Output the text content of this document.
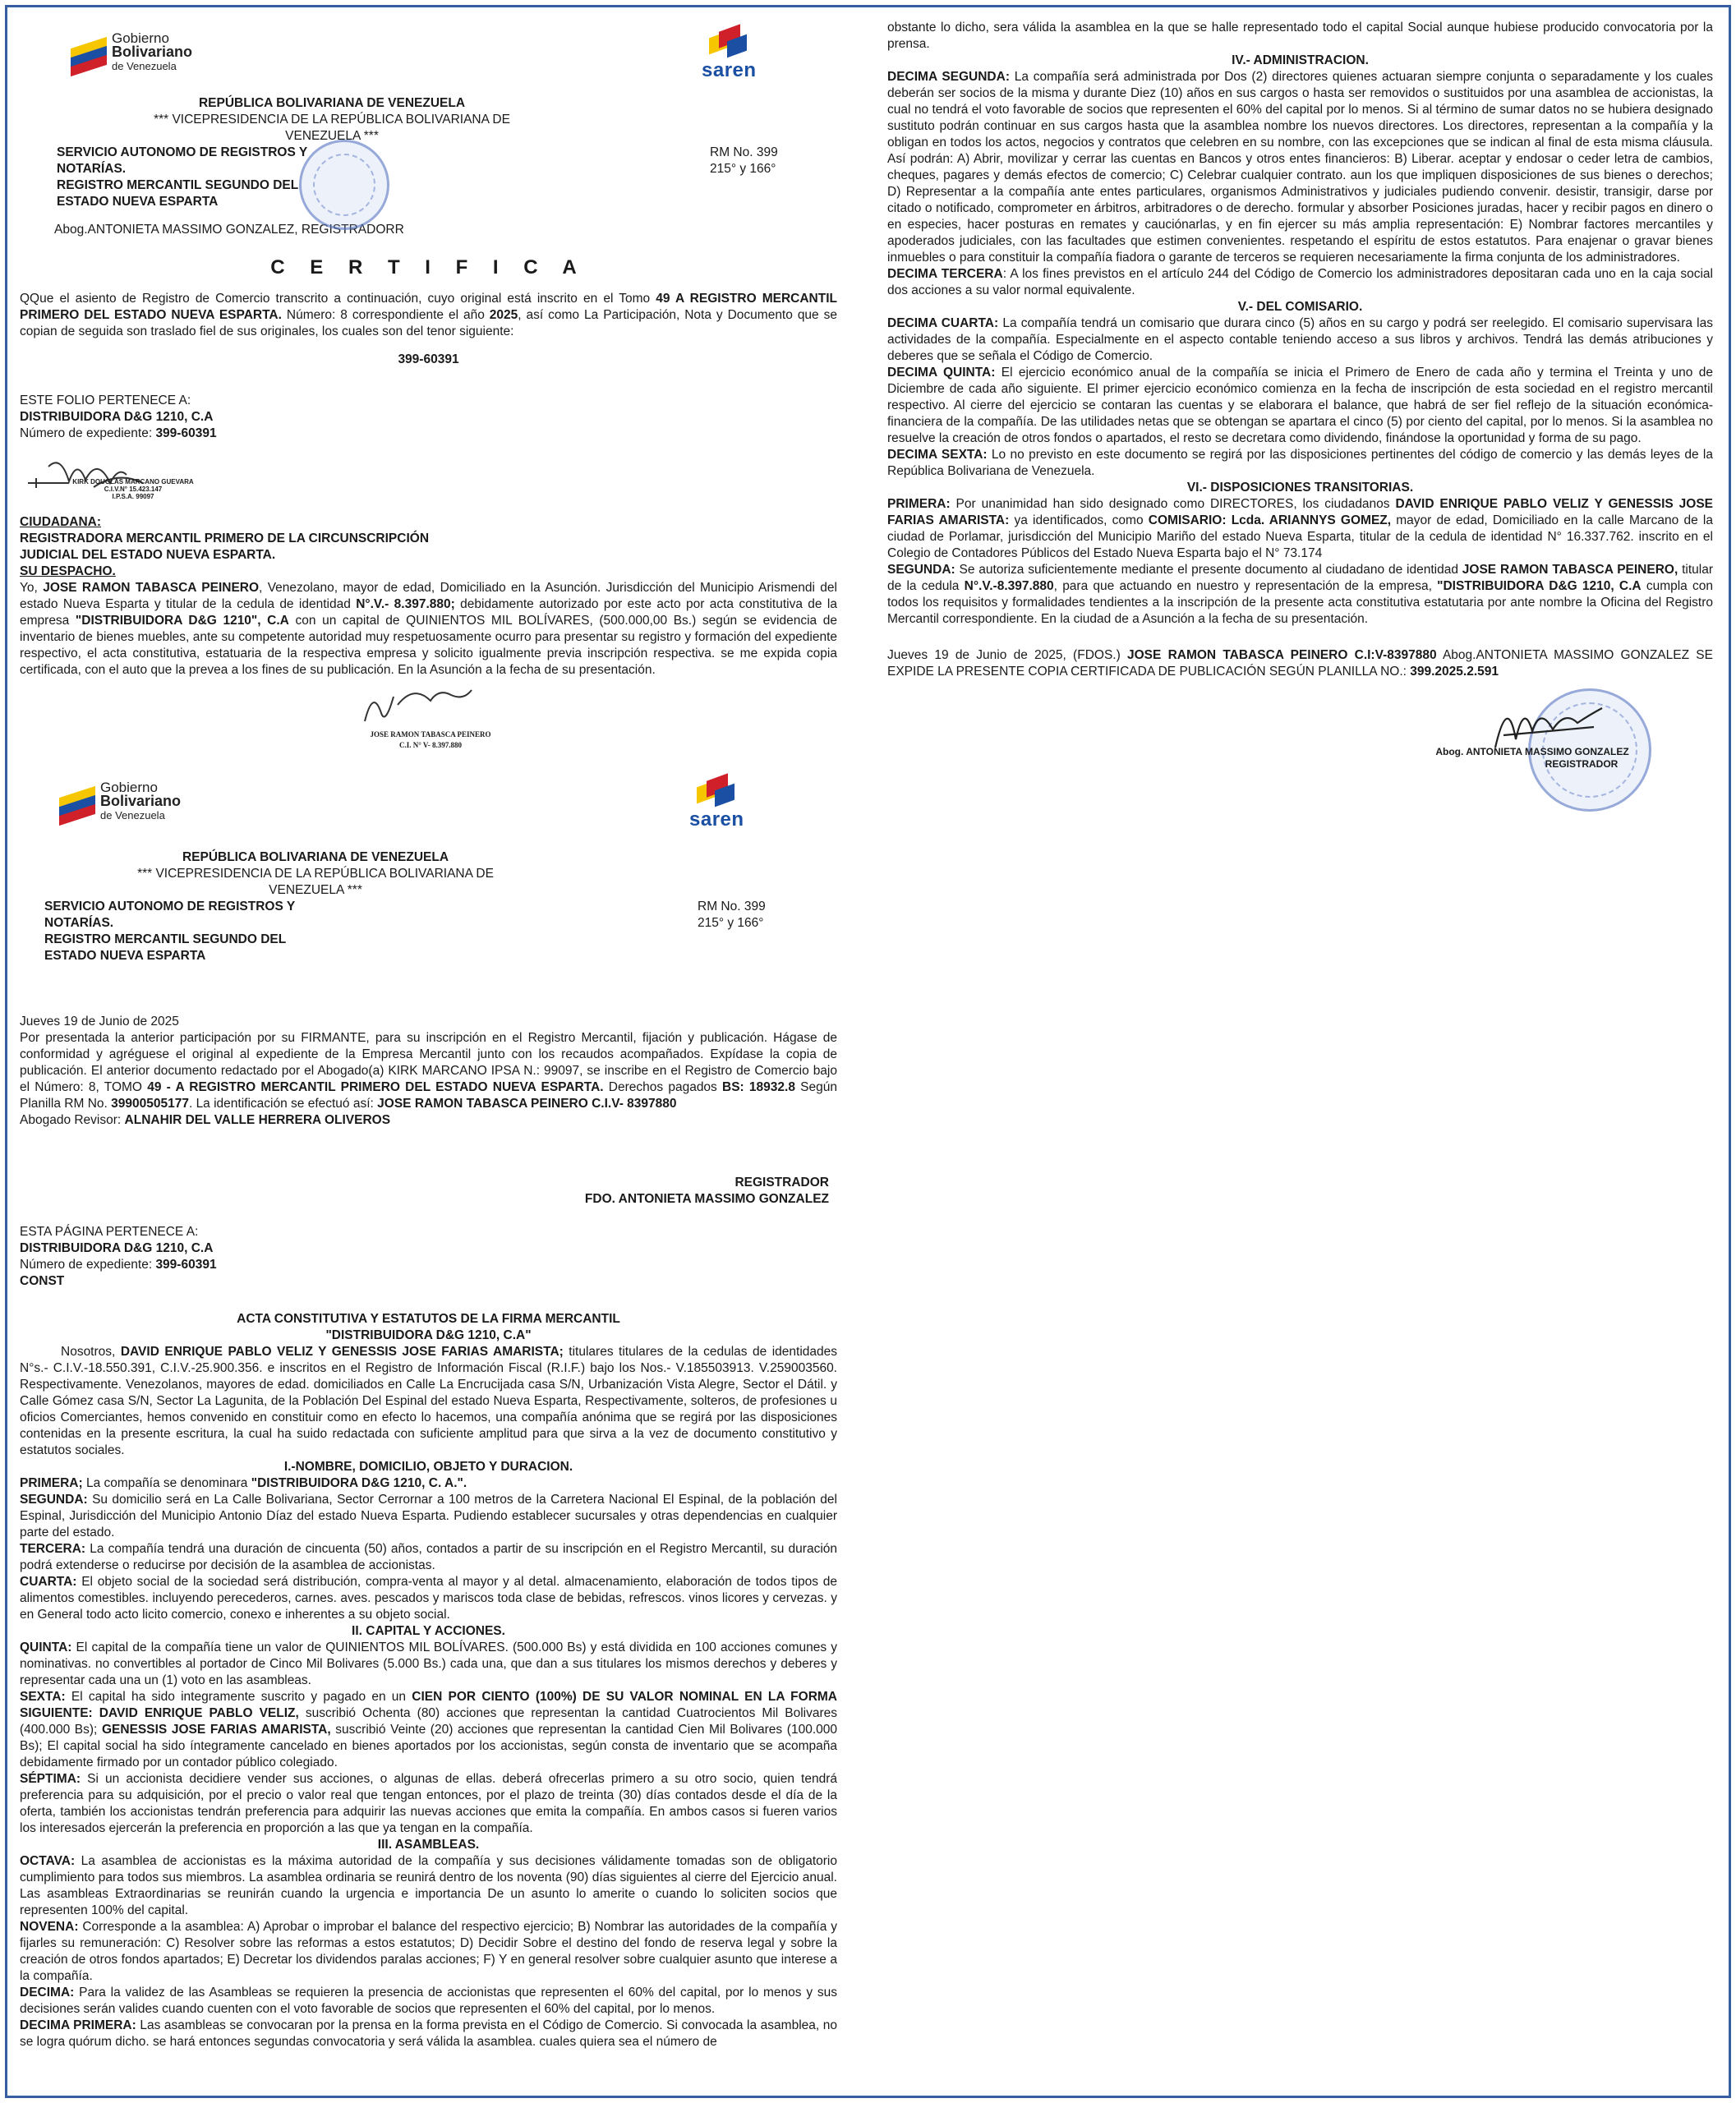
Gobierno
Bolivariano
de Venezuela	saren
REPÚBLICA BOLIVARIANA DE VENEZUELA
*** VICEPRESIDENCIA DE LA REPÚBLICA BOLIVARIANA DE VENEZUELA ***
SERVICIO AUTONOMO DE REGISTROS Y
NOTARÍAS.
REGISTRO MERCANTIL SEGUNDO DEL
ESTADO NUEVA ESPARTA
RM No. 399
215° y 166°
Abog.ANTONIETA MASSIMO GONZALEZ, REGISTRADORR
C E R T I F I C A

QQue el asiento de Registro de Comercio transcrito a continuación, cuyo original está inscrito en el Tomo 49 A REGISTRO MERCANTIL PRIMERO DEL ESTADO NUEVA ESPARTA. Número: 8 correspondiente el año 2025, así como La Participación, Nota y Documento que se copian de seguida son traslado fiel de sus originales, los cuales son del tenor siguiente:

399-60391
ESTE FOLIO PERTENECE A:
DISTRIBUIDORA D&G 1210, C.A
Número de expediente: 399-60391
KIRK DOUGLAS MARCANO GUEVARA
C.I.V.N° 15.423.147
I.P.S.A. 99097
CIUDADANA:
REGISTRADORA MERCANTIL PRIMERO DE LA CIRCUNSCRIPCIÓN
JUDICIAL DEL ESTADO NUEVA ESPARTA.
SU DESPACHO.

Yo, JOSE RAMON TABASCA PEINERO, Venezolano, mayor de edad, Domiciliado en la Asunción. Jurisdicción del Municipio Arismendi del estado Nueva Esparta y titular de la cedula de identidad N°.V.- 8.397.880; debidamente autorizado por este acto por acta constitutiva de la empresa "DISTRIBUIDORA D&G 1210", C.A con un capital de QUINIENTOS MIL BOLÍVARES, (500.000,00 Bs.) según se evidencia de inventario de bienes muebles, ante su competente autoridad muy respetuosamente ocurro para presentar su registro y formación del expediente respectivo, el acta constitutiva, estatuaria de la respectiva empresa y solicito igualmente previa inscripción respectiva. se me expida copia certificada, con el auto que la prevea a los fines de su publicación. En la Asunción a la fecha de su presentación.

JOSE RAMON TABASCA PEINERO
C.I. N° V- 8.397.880
Gobierno
Bolivariano
de Venezuela	saren
REPÚBLICA BOLIVARIANA DE VENEZUELA
*** VICEPRESIDENCIA DE LA REPÚBLICA BOLIVARIANA DE VENEZUELA ***
SERVICIO AUTONOMO DE REGISTROS Y
NOTARÍAS.
REGISTRO MERCANTIL SEGUNDO DEL
ESTADO NUEVA ESPARTA
RM No. 399
215° y 166°
Jueves 19 de Junio de 2025

Por presentada la anterior participación por su FIRMANTE, para su inscripción en el Registro Mercantil, fijación y publicación. Hágase de conformidad y agréguese el original al expediente de la Empresa Mercantil junto con los recaudos acompañados. Expídase la copia de publicación. El anterior documento redactado por el Abogado(a) KIRK MARCANO IPSA N.: 99097, se inscribe en el Registro de Comercio bajo el Número: 8, TOMO 49 - A REGISTRO MERCANTIL PRIMERO DEL ESTADO NUEVA ESPARTA. Derechos pagados BS: 18932.8 Según Planilla RM No. 39900505177. La identificación se efectuó así: JOSE RAMON TABASCA PEINERO C.I.V- 8397880

Abogado Revisor: ALNAHIR DEL VALLE HERRERA OLIVEROS
REGISTRADOR
FDO. ANTONIETA MASSIMO GONZALEZ
ESTA PÁGINA PERTENECE A:
DISTRIBUIDORA D&G 1210, C.A
Número de expediente: 399-60391
CONST
ACTA CONSTITUTIVA Y ESTATUTOS DE LA FIRMA MERCANTIL
"DISTRIBUIDORA D&G 1210, C.A"

Nosotros, DAVID ENRIQUE PABLO VELIZ Y GENESSIS JOSE FARIAS AMARISTA; titulares titulares de la cedulas de identidades N°s.- C.I.V.-18.550.391, C.I.V.-25.900.356. e inscritos en el Registro de Información Fiscal (R.I.F.) bajo los Nos.- V.185503913. V.259003560. Respectivamente. Venezolanos, mayores de edad. domiciliados en Calle La Encrucijada casa S/N, Urbanización Vista Alegre, Sector el Dátil. y Calle Gómez casa S/N, Sector La Lagunita, de la Población Del Espinal del estado Nueva Esparta, Respectivamente, solteros, de profesiones u oficios Comerciantes, hemos convenido en constituir como en efecto lo hacemos, una compañía anónima que se regirá por las disposiciones contenidas en la presente escritura, la cual ha suido redactada con suficiente amplitud para que sirva a la vez de documento constitutivo y estatutos sociales.

I.-NOMBRE, DOMICILIO, OBJETO Y DURACION.

PRIMERA; La compañía se denominara "DISTRIBUIDORA D&G 1210, C. A.".

SEGUNDA: Su domicilio será en La Calle Bolivariana, Sector Cerrornar a 100 metros de la Carretera Nacional El Espinal, de la población del Espinal, Jurisdicción del Municipio Antonio Díaz del estado Nueva Esparta. Pudiendo establecer sucursales y otras dependencias en cualquier parte del estado.

TERCERA: La compañía tendrá una duración de cincuenta (50) años, contados a partir de su inscripción en el Registro Mercantil, su duración podrá extenderse o reducirse por decisión de la asamblea de accionistas.

CUARTA: El objeto social de la sociedad será distribución, compra-venta al mayor y al detal. almacenamiento, elaboración de todos tipos de alimentos comestibles. incluyendo perecederos, carnes. aves. pescados y mariscos toda clase de bebidas, refrescos. vinos licores y cervezas. y en General todo acto licito comercio, conexo e inherentes a su objeto social.

II. CAPITAL Y ACCIONES.

QUINTA: El capital de la compañía tiene un valor de QUINIENTOS MIL BOLÍVARES. (500.000 Bs) y está dividida en 100 acciones comunes y nominativas. no convertibles al portador de Cinco Mil Bolivares (5.000 Bs.) cada una, que dan a sus titulares los mismos derechos y deberes y representar cada una un (1) voto en las asambleas.

SEXTA: El capital ha sido integramente suscrito y pagado en un CIEN POR CIENTO (100%) DE SU VALOR NOMINAL EN LA FORMA SIGUIENTE: DAVID ENRIQUE PABLO VELIZ, suscribió Ochenta (80) acciones que representan la cantidad Cuatrocientos Mil Bolivares (400.000 Bs); GENESSIS JOSE FARIAS AMARISTA, suscribió Veinte (20) acciones que representan la cantidad Cien Mil Bolivares (100.000 Bs); El capital social ha sido íntegramente cancelado en bienes aportados por los accionistas, según consta de inventario que se acompaña debidamente firmado por un contador público colegiado.

SÉPTIMA: Si un accionista decidiere vender sus acciones, o algunas de ellas. deberá ofrecerlas primero a su otro socio, quien tendrá preferencia para su adquisición, por el precio o valor real que tengan entonces, por el plazo de treinta (30) días contados desde el día de la oferta, también los accionistas tendrán preferencia para adquirir las nuevas acciones que emita la compañía. En ambos casos si fueren varios los interesados ejercerán la preferencia en proporción a las que ya tengan en la compañía.

III. ASAMBLEAS.

OCTAVA: La asamblea de accionistas es la máxima autoridad de la compañía y sus decisiones válidamente tomadas son de obligatorio cumplimiento para todos sus miembros. La asamblea ordinaria se reunirá dentro de los noventa (90) días siguientes al cierre del Ejercicio anual. Las asambleas Extraordinarias se reunirán cuando la urgencia e importancia De un asunto lo amerite o cuando lo soliciten socios que representen 100% del capital.

NOVENA: Corresponde a la asamblea: A) Aprobar o improbar el balance del respectivo ejercicio; B) Nombrar las autoridades de la compañía y fijarles su remuneración: C) Resolver sobre las reformas a estos estatutos; D) Decidir Sobre el destino del fondo de reserva legal y sobre la creación de otros fondos apartados; E) Decretar los dividendos paralas acciones; F) Y en general resolver sobre cualquier asunto que interese a la compañía.

DECIMA: Para la validez de las Asambleas se requieren la presencia de accionistas que representen el 60% del capital, por lo menos y sus decisiones serán valides cuando cuenten con el voto favorable de socios que representen el 60% del capital, por lo menos.

DECIMA PRIMERA: Las asambleas se convocaran por la prensa en la forma prevista en el Código de Comercio. Si convocada la asamblea, no se logra quórum dicho. se hará entonces segundas convocatoria y será válida la asamblea. cuales quiera sea el número de

obstante lo dicho, sera válida la asamblea en la que se halle representado todo el capital Social aunque hubiese producido convocatoria por la prensa.

IV.- ADMINISTRACION.

DECIMA SEGUNDA: La compañía será administrada por Dos (2) directores quienes actuaran siempre conjunta o separadamente y los cuales deberán ser socios de la misma y durante Diez (10) años en sus cargos o hasta ser removidos o sustituidos por una asamblea de accionistas, la cual no tendrá el voto favorable de socios que representen el 60% del capital por lo menos. Si al término de sumar datos no se hubiera designado sustituto podrán continuar en sus cargos hasta que la asamblea nombre los nuevos directores. Los directores, representan a la compañía y la obligan en todos los actos, negocios y contratos que celebren en su nombre, con las excepciones que se indican al final de esta misma cláusula. Así podrán: A) Abrir, movilizar y cerrar las cuentas en Bancos y otros entes financieros: B) Liberar. aceptar y endosar o ceder letra de cambios, cheques, pagares y demás efectos de comercio; C) Celebrar cualquier contrato. aun los que impliquen disposiciones de sus bienes o derechos; D) Representar a la compañía ante entes particulares, organismos Administrativos y judiciales pudiendo convenir. desistir, transigir, darse por citado o notificado, comprometer en árbitros, arbitradores o de derecho. formular y absorber Posiciones juradas, hacer y recibir pagos en dinero o en especies, hacer posturas en remates y cauciónarlas, y en fin ejercer su más amplia representación: E) Nombrar factores mercantiles y apoderados judiciales, con las facultades que estimen convenientes. respetando el espíritu de estos estatutos. Para enajenar o gravar bienes inmuebles o para constituir la compañía fiadora o garante de terceros se requieren necesariamente la firma conjunta de los administradores.

DECIMA TERCERA: A los fines previstos en el artículo 244 del Código de Comercio los administradores depositaran cada uno en la caja social dos acciones a su valor normal equivalente.

V.- DEL COMISARIO.

DECIMA CUARTA: La compañía tendrá un comisario que durara cinco (5) años en su cargo y podrá ser reelegido. El comisario supervisara las actividades de la compañía. Especialmente en el aspecto contable teniendo acceso a sus libros y archivos. Tendrá las demás atribuciones y deberes que se señala el Código de Comercio.

DECIMA QUINTA: El ejercicio económico anual de la compañía se inicia el Primero de Enero de cada año y termina el Treinta y uno de Diciembre de cada año siguiente. El primer ejercicio económico comienza en la fecha de inscripción de esta sociedad en el registro mercantil respectivo. Al cierre del ejercicio se contaran las cuentas y se elaborara el balance, que habrá de ser fiel reflejo de la situación económica- financiera de la compañía. De las utilidades netas que se obtengan se apartara el cinco (5) por ciento del capital, por lo menos. Si la asamblea no resuelve la creación de otros fondos o apartados, el resto se decretara como dividendo, finándose la oportunidad y forma de su pago.

DECIMA SEXTA: Lo no previsto en este documento se regirá por las disposiciones pertinentes del código de comercio y las demás leyes de la República Bolivariana de Venezuela.

VI.- DISPOSICIONES TRANSITORIAS.

PRIMERA: Por unanimidad han sido designado como DIRECTORES, los ciudadanos DAVID ENRIQUE PABLO VELIZ Y GENESSIS JOSE FARIAS AMARISTA: ya identificados, como COMISARIO: Lcda. ARIANNYS GOMEZ, mayor de edad, Domiciliado en la calle Marcano de la ciudad de Porlamar, jurisdicción del Municipio Mariño del estado Nueva Esparta, titular de la cedula de identidad N° 16.337.762. inscrito en el Colegio de Contadores Públicos del Estado Nueva Esparta bajo el N° 73.174

SEGUNDA: Se autoriza suficientemente mediante el presente documento al ciudadano de identidad JOSE RAMON TABASCA PEINERO, titular de la cedula N°.V.-8.397.880, para que actuando en nuestro y representación de la empresa, "DISTRIBUIDORA D&G 1210, C.A cumpla con todos los requisitos y formalidades tendientes a la inscripción de la presente acta constitutiva estatutaria por ante nombre la Oficina del Registro Mercantil correspondiente. En la ciudad de a Asunción a la fecha de su presentación.

Jueves 19 de Junio de 2025, (FDOS.) JOSE RAMON TABASCA PEINERO C.I:V-8397880 Abog.ANTONIETA MASSIMO GONZALEZ SE EXPIDE LA PRESENTE COPIA CERTIFICADA DE PUBLICACIÓN SEGÚN PLANILLA NO.: 399.2025.2.591

Abog. ANTONIETA MASSIMO GONZALEZ
REGISTRADOR
